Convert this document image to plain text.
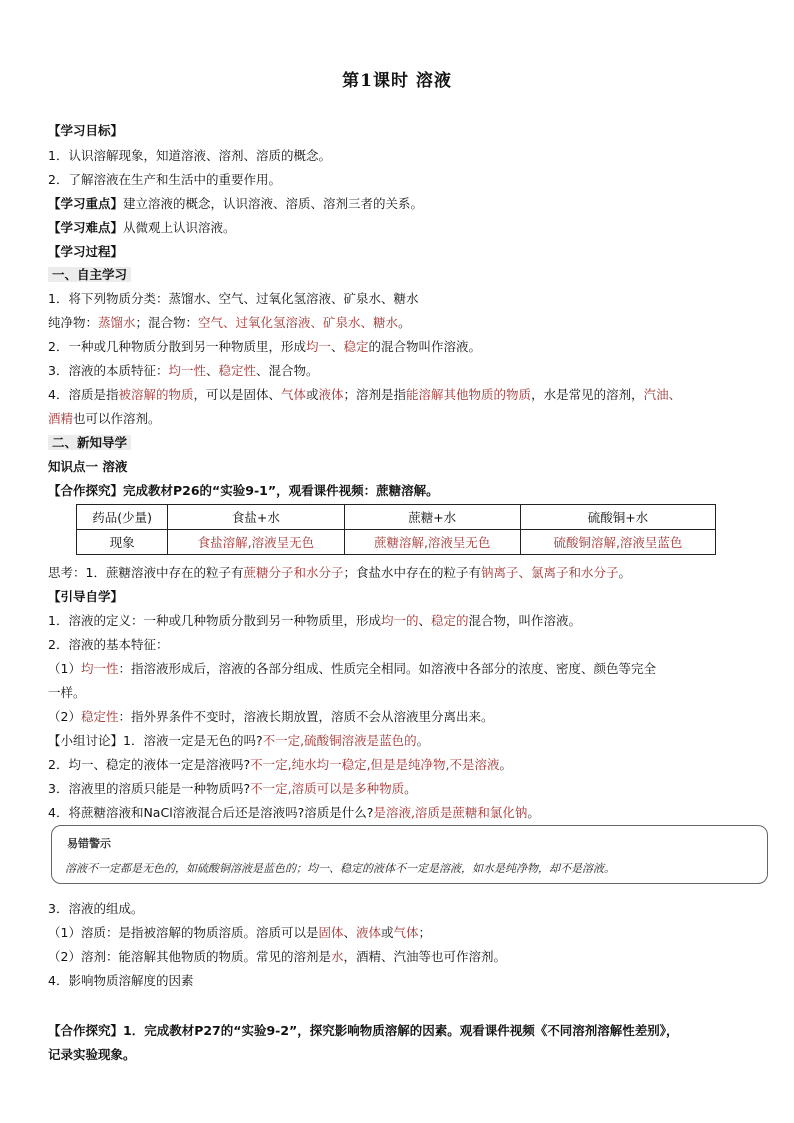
第1课时 溶液
【学习目标】
1．认识溶解现象，知道溶液、溶剂、溶质的概念。
2．了解溶液在生产和生活中的重要作用。
【学习重点】建立溶液的概念，认识溶液、溶质、溶剂三者的关系。
【学习难点】从微观上认识溶液。
【学习过程】
一、自主学习
1．将下列物质分类：蒸馏水、空气、过氧化氢溶液、矿泉水、糖水
纯净物：蒸馏水；混合物：空气、过氧化氢溶液、矿泉水、糖水。
2．一种或几种物质分散到另一种物质里，形成均一、稳定的混合物叫作溶液。
3．溶液的本质特征：均一性、稳定性、混合物。
4．溶质是指被溶解的物质，可以是固体、气体或液体；溶剂是指能溶解其他物质的物质，水是常见的溶剂，汽油、
酒精也可以作溶剂。
二、新知导学
知识点一 溶液
【合作探究】完成教材P26的“实验9-1”，观看课件视频：蔗糖溶解。
药品(少量)	食盐+水	蔗糖+水	硫酸铜+水
现象	食盐溶解,溶液呈无色	蔗糖溶解,溶液呈无色	硫酸铜溶解,溶液呈蓝色
思考：1．蔗糖溶液中存在的粒子有蔗糖分子和水分子；食盐水中存在的粒子有钠离子、氯离子和水分子。
【引导自学】
1．溶液的定义：一种或几种物质分散到另一种物质里，形成均一的、稳定的混合物，叫作溶液。
2．溶液的基本特征：
（1）均一性：指溶液形成后，溶液的各部分组成、性质完全相同。如溶液中各部分的浓度、密度、颜色等完全
一样。
（2）稳定性：指外界条件不变时，溶液长期放置，溶质不会从溶液里分离出来。
【小组讨论】1．溶液一定是无色的吗?不一定,硫酸铜溶液是蓝色的。
2．均一、稳定的液体一定是溶液吗?不一定,纯水均一稳定,但是是纯净物,不是溶液。
3．溶液里的溶质只能是一种物质吗?不一定,溶质可以是多种物质。
4．将蔗糖溶液和NaCl溶液混合后还是溶液吗?溶质是什么?是溶液,溶质是蔗糖和氯化钠。
易错警示
溶液不一定都是无色的，如硫酸铜溶液是蓝色的；均一、稳定的液体不一定是溶液，如水是纯净物，却不是溶液。
3．溶液的组成。
（1）溶质：是指被溶解的物质溶质。溶质可以是固体、液体或气体；
（2）溶剂：能溶解其他物质的物质。常见的溶剂是水，酒精、汽油等也可作溶剂。
4．影响物质溶解度的因素
【合作探究】1．完成教材P27的“实验9-2”，探究影响物质溶解的因素。观看课件视频《不同溶剂溶解性差别》，
记录实验现象。
